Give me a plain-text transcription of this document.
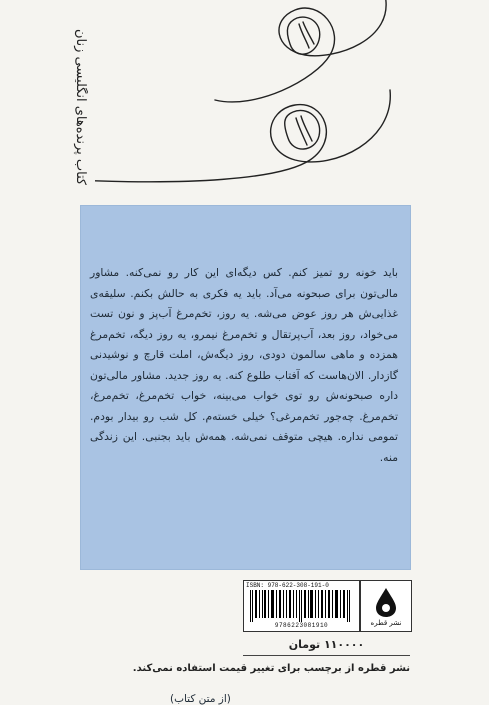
کتاب پرنده‌های انگلیسی زنان

باید خونه رو تمیز کنم. کس دیگه‌ای این کار رو نمی‌کنه. مشاور مالی‌تون برای صبحونه می‌آد. باید یه فکری به حالش بکنم. سلیقه‌ی غذایی‌ش هر روز عوض می‌شه. یه روز، تخم‌مرغ آب‌پز و نون تست می‌خواد، روز بعد، آب‌پرتقال و تخم‌مرغ نیمرو، یه روز دیگه، تخم‌مرغ همزده و ماهی سالمون دودی، روز دیگه‌ش، املت قارچ و نوشیدنی گازدار. الان‌هاست که آفتاب طلوع کنه. یه روز جدید. مشاور مالی‌تون داره صبحونه‌ش رو توی خواب می‌بینه، خواب تخم‌مرغ، تخم‌مرغ، تخم‌مرغ. چه‌جور تخم‌مرغی؟ خیلی خسته‌م. کل شب رو بیدار بودم. تمومی نداره. هیچی متوقف نمی‌شه. همه‌ش باید بجنبی. این زندگی منه.

(از متن کتاب)
ISBN: 978-622-308-191-0
9786223081910	نشر قطره
۱۱۰۰۰۰ تومان
نشر قطره از برچسب برای تغییر قیمت استفاده نمی‌کند.
